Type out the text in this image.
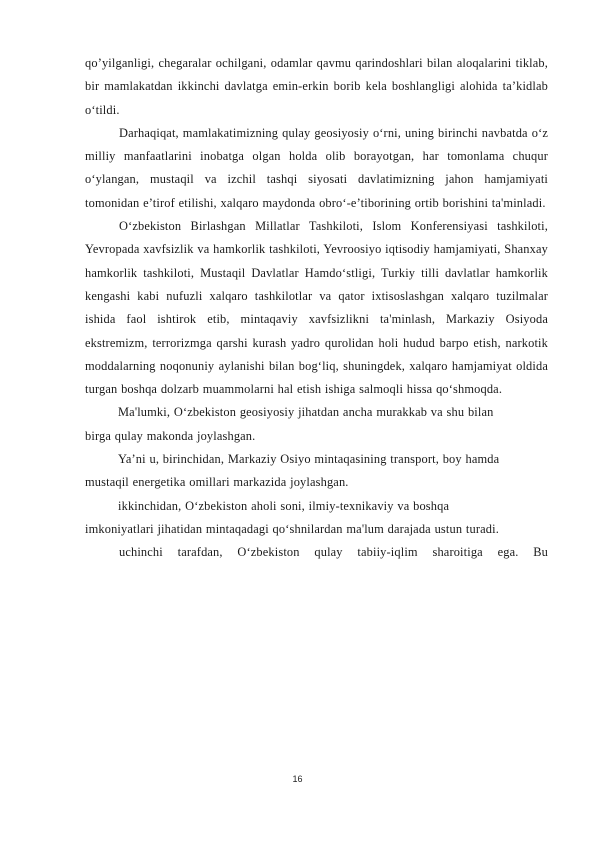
qo’yilganligi, chegaralar ochilgani, odamlar qavmu qarindoshlari bilan aloqalarini tiklab, bir mamlakatdan ikkinchi davlatga emin-erkin borib kela boshlangligi alohida ta’kidlab o‘tildi.

Darhaqiqat, mamlakatimizning qulay geosiyosiy o‘rni, uning birinchi navbatda o‘z milliy manfaatlarini inobatga olgan holda olib borayotgan, har tomonlama chuqur o‘ylangan, mustaqil va izchil tashqi siyosati davlatimizning jahon hamjamiyati tomonidan e’tirof etilishi, xalqaro maydonda obro‘-e’tiborining ortib borishini ta'minladi.

O‘zbekiston Birlashgan Millatlar Tashkiloti, Islom Konferensiyasi tashkiloti, Yevropada xavfsizlik va hamkorlik tashkiloti, Yevroosiyo iqtisodiy hamjamiyati, Shanxay hamkorlik tashkiloti, Mustaqil Davlatlar Hamdo‘stligi, Turkiy tilli davlatlar hamkorlik kengashi kabi nufuzli xalqaro tashkilotlar va qator ixtisoslashgan xalqaro tuzilmalar ishida faol ishtirok etib, mintaqaviy xavfsizlikni ta'minlash, Markaziy Osiyoda ekstremizm, terrorizmga qarshi kurash yadro qurolidan holi hudud barpo etish, narkotik moddalarning noqonuniy aylanishi bilan bog‘liq, shuningdek, xalqaro hamjamiyat oldida turgan boshqa dolzarb muammolarni hal etish ishiga salmoqli hissa qo‘shmoqda.

Ma'lumki, O‘zbekiston geosiyosiy jihatdan ancha murakkab va shu bilan birga qulay makonda joylashgan.

Ya’ni u, birinchidan, Markaziy Osiyo mintaqasining transport, boy hamda mustaqil energetika omillari markazida joylashgan.

ikkinchidan, O‘zbekiston aholi soni, ilmiy-texnikaviy va boshqa imkoniyatlari jihatidan mintaqadagi qo‘shnilardan ma'lum darajada ustun turadi.

uchinchi tarafdan, O‘zbekiston qulay tabiiy-iqlim sharoitiga ega. Bu

16
